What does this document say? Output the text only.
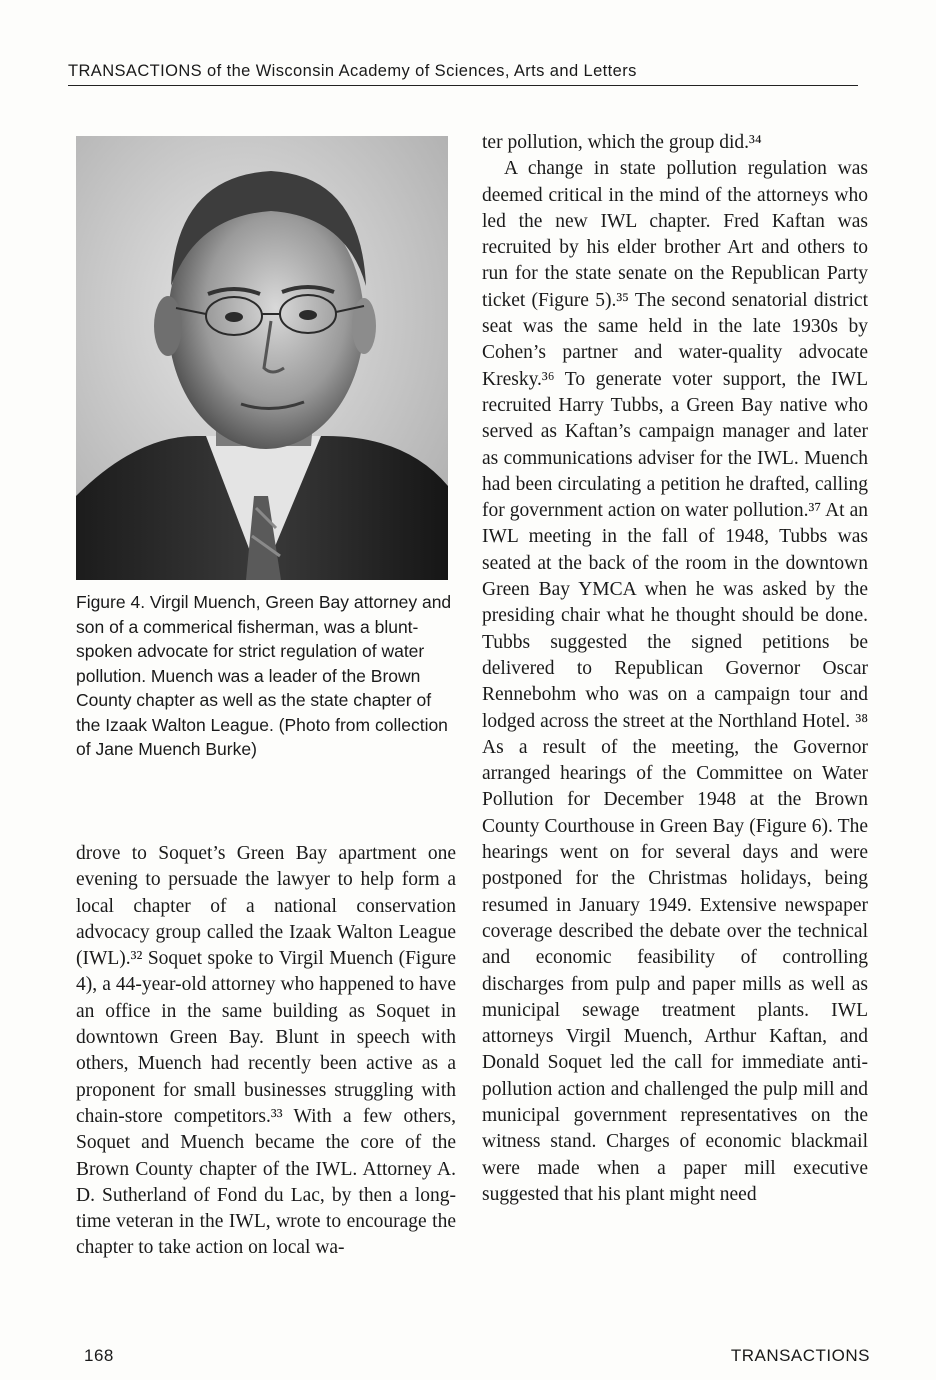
TRANSACTIONS of the Wisconsin Academy of Sciences, Arts and Letters
Figure 4. Virgil Muench, Green Bay attorney and son of a commerical fisherman, was a blunt-spoken advocate for strict regulation of water pollution. Muench was a leader of the Brown County chapter as well as the state chapter of the Izaak Walton League. (Photo from collection of Jane Muench Burke)

drove to Soquet’s Green Bay apartment one evening to persuade the lawyer to help form a local chapter of a national conservation advocacy group called the Izaak Walton League (IWL).³² Soquet spoke to Virgil Muench (Figure 4), a 44-year-old attorney who happened to have an office in the same building as Soquet in downtown Green Bay. Blunt in speech with others, Muench had recently been active as a proponent for small businesses struggling with chain-store competitors.³³ With a few others, Soquet and Muench became the core of the Brown County chapter of the IWL. Attorney A. D. Sutherland of Fond du Lac, by then a long-time veteran in the IWL, wrote to encourage the chapter to take action on local wa-

ter pollution, which the group did.³⁴

A change in state pollution regulation was deemed critical in the mind of the attorneys who led the new IWL chapter. Fred Kaftan was recruited by his elder brother Art and others to run for the state senate on the Republican Party ticket (Figure 5).³⁵ The second senatorial district seat was the same held in the late 1930s by Cohen’s partner and water-quality advocate Kresky.³⁶ To generate voter support, the IWL recruited Harry Tubbs, a Green Bay native who served as Kaftan’s campaign manager and later as communications adviser for the IWL. Muench had been circulating a petition he drafted, calling for government action on water pollution.³⁷ At an IWL meeting in the fall of 1948, Tubbs was seated at the back of the room in the downtown Green Bay YMCA when he was asked by the presiding chair what he thought should be done. Tubbs suggested the signed petitions be delivered to Republican Governor Oscar Rennebohm who was on a campaign tour and lodged across the street at the Northland Hotel. ³⁸ As a result of the meeting, the Governor arranged hearings of the Committee on Water Pollution for December 1948 at the Brown County Courthouse in Green Bay (Figure 6). The hearings went on for several days and were postponed for the Christmas holidays, being resumed in January 1949. Extensive newspaper coverage described the debate over the technical and economic feasibility of controlling discharges from pulp and paper mills as well as municipal sewage treatment plants. IWL attorneys Virgil Muench, Arthur Kaftan, and Donald Soquet led the call for immediate anti-pollution action and challenged the pulp mill and municipal government representatives on the witness stand. Charges of economic blackmail were made when a paper mill executive suggested that his plant might need

168	TRANSACTIONS
